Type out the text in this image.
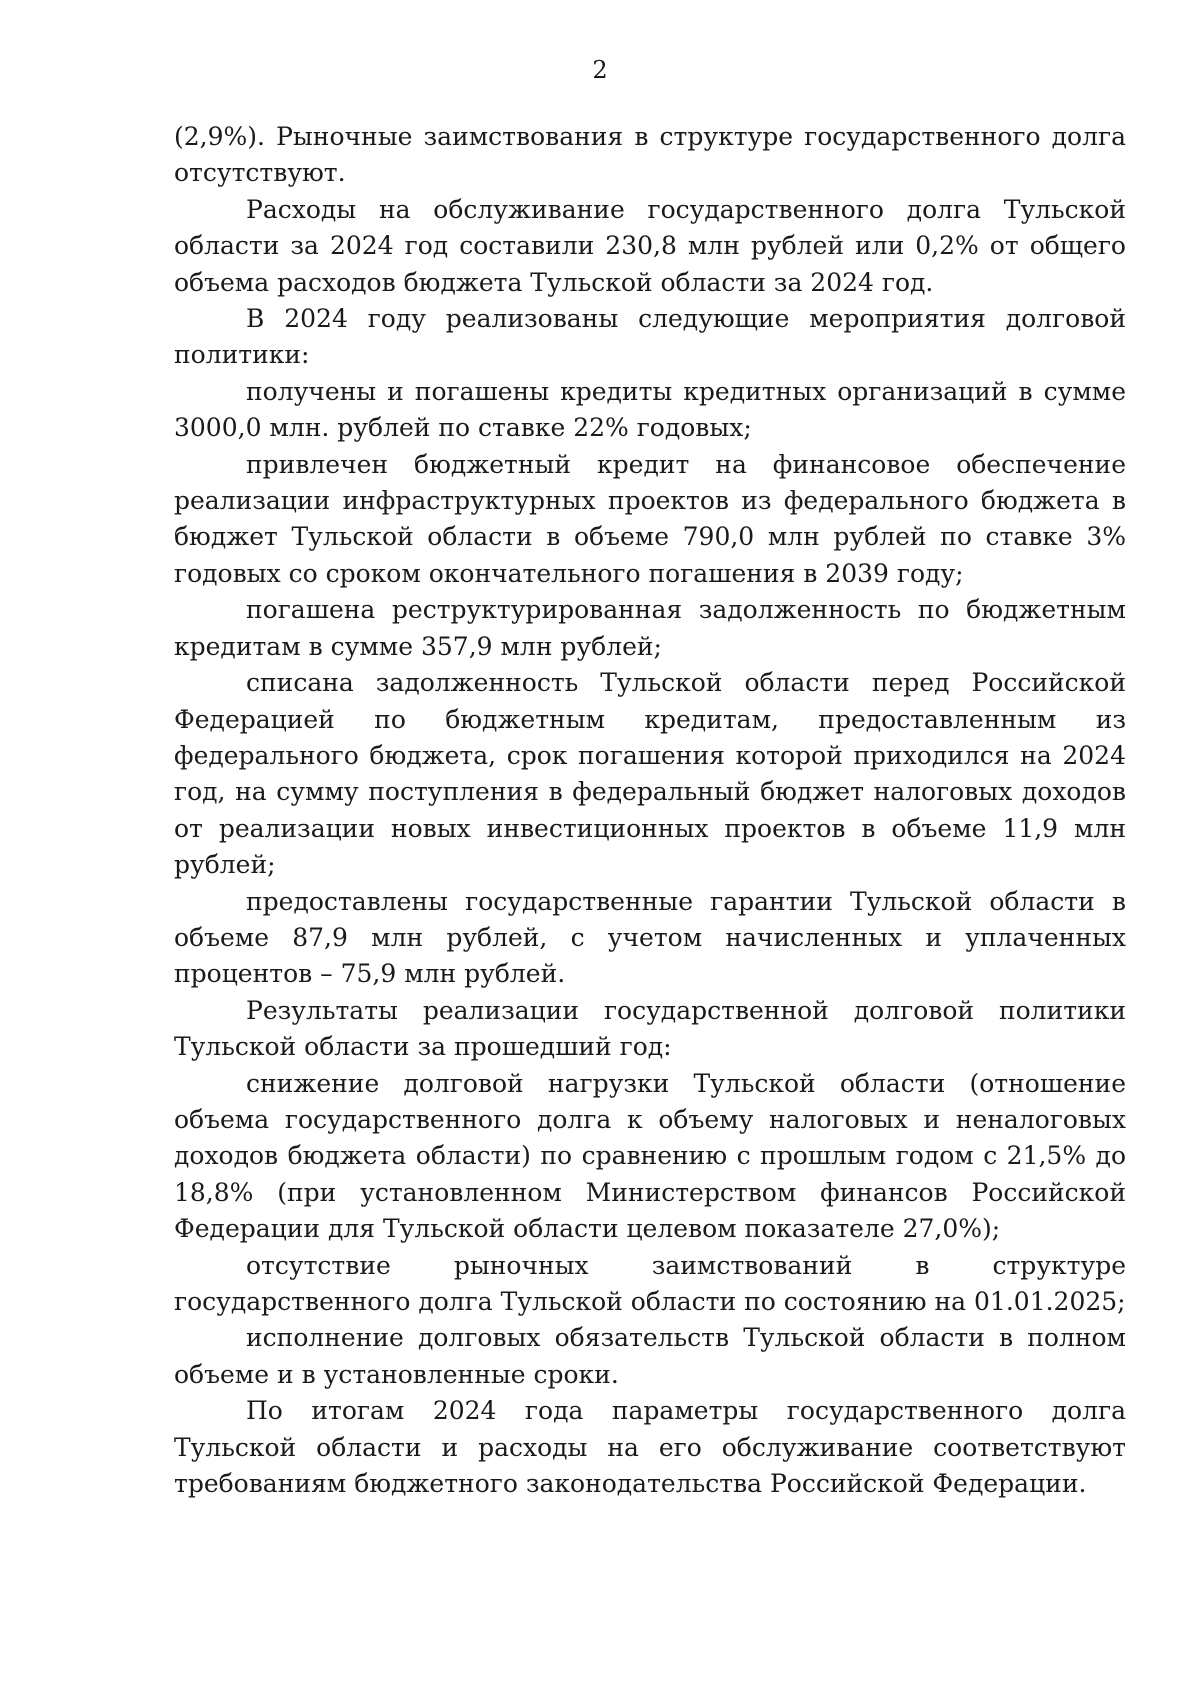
2

(2,9%). Рыночные заимствования в структуре государственного долга отсутствуют.

Расходы на обслуживание государственного долга Тульской области за 2024 год составили 230,8 млн рублей или 0,2% от общего объема расходов бюджета Тульской области за 2024 год.

В 2024 году реализованы следующие мероприятия долговой политики:

получены и погашены кредиты кредитных организаций в сумме 3000,0 млн. рублей по ставке 22% годовых;

привлечен бюджетный кредит на финансовое обеспечение реализации инфраструктурных проектов из федерального бюджета в бюджет Тульской области в объеме 790,0 млн рублей по ставке 3% годовых со сроком окончательного погашения в 2039 году;

погашена реструктурированная задолженность по бюджетным кредитам в сумме 357,9 млн рублей;

списана задолженность Тульской области перед Российской Федерацией по бюджетным кредитам, предоставленным из федерального бюджета, срок погашения которой приходился на 2024 год, на сумму поступления в федеральный бюджет налоговых доходов от реализации новых инвестиционных проектов в объеме 11,9 млн рублей;

предоставлены государственные гарантии Тульской области в объеме 87,9 млн рублей, с учетом начисленных и уплаченных процентов – 75,9 млн рублей.

Результаты реализации государственной долговой политики Тульской области за прошедший год:

снижение долговой нагрузки Тульской области (отношение объема государственного долга к объему налоговых и неналоговых доходов бюджета области) по сравнению с прошлым годом с 21,5% до 18,8% (при установленном Министерством финансов Российской Федерации для Тульской области целевом показателе 27,0%);

отсутствие рыночных заимствований в структуре государственного долга Тульской области по состоянию на 01.01.2025;

исполнение долговых обязательств Тульской области в полном объеме и в установленные сроки.

По итогам 2024 года параметры государственного долга Тульской области и расходы на его обслуживание соответствуют требованиям бюджетного законодательства Российской Федерации.
